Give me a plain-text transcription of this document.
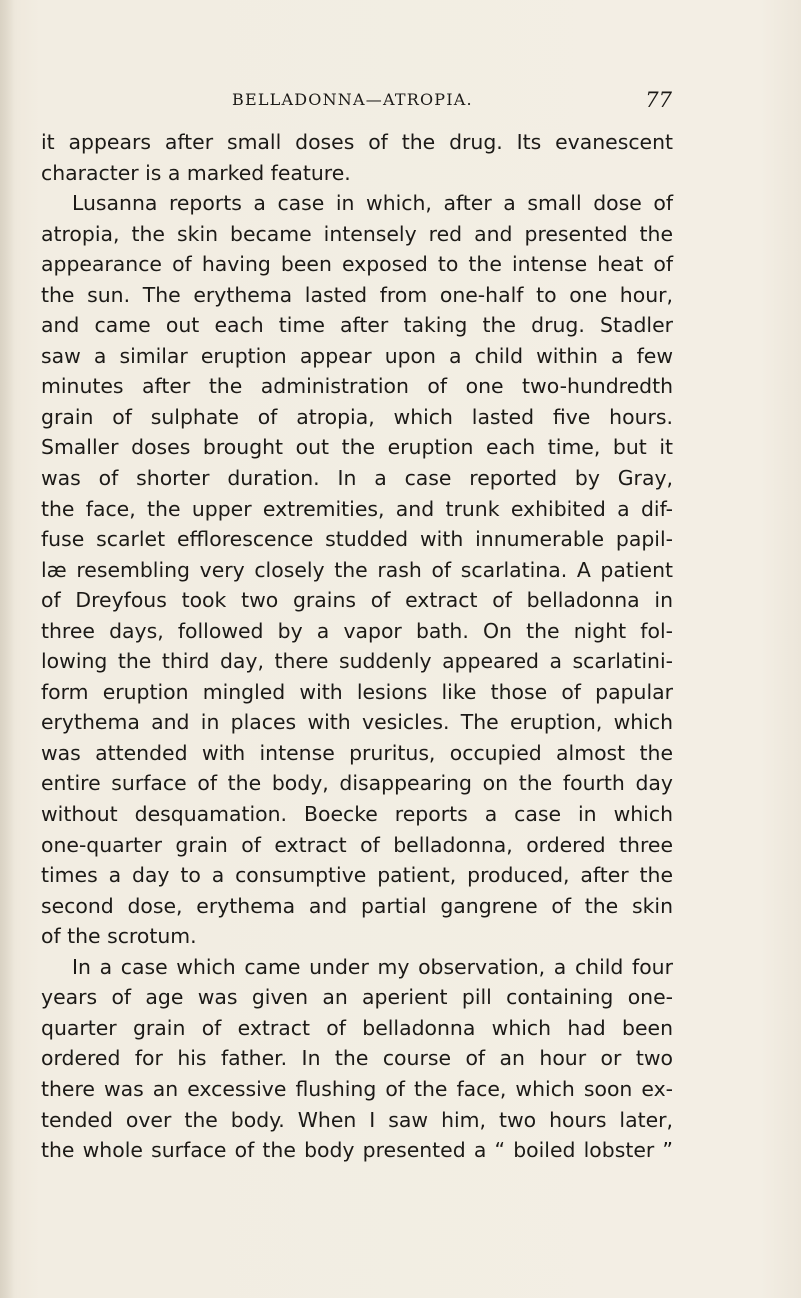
BELLADONNA—ATROPIA.	77
it appears after small doses of the drug. Its evanescent
character is a marked feature.
Lusanna reports a case in which, after a small dose of
atropia, the skin became intensely red and presented the
appearance of having been exposed to the intense heat of
the sun. The erythema lasted from one-half to one hour,
and came out each time after taking the drug. Stadler
saw a similar eruption appear upon a child within a few
minutes after the administration of one two-hundredth
grain of sulphate of atropia, which lasted five hours.
Smaller doses brought out the eruption each time, but it
was of shorter duration. In a case reported by Gray,
the face, the upper extremities, and trunk exhibited a dif-
fuse scarlet efflorescence studded with innumerable papil-
læ resembling very closely the rash of scarlatina. A patient
of Dreyfous took two grains of extract of belladonna in
three days, followed by a vapor bath. On the night fol-
lowing the third day, there suddenly appeared a scarlatini-
form eruption mingled with lesions like those of papular
erythema and in places with vesicles. The eruption, which
was attended with intense pruritus, occupied almost the
entire surface of the body, disappearing on the fourth day
without desquamation. Boecke reports a case in which
one-quarter grain of extract of belladonna, ordered three
times a day to a consumptive patient, produced, after the
second dose, erythema and partial gangrene of the skin
of the scrotum.
In a case which came under my observation, a child four
years of age was given an aperient pill containing one-
quarter grain of extract of belladonna which had been
ordered for his father. In the course of an hour or two
there was an excessive flushing of the face, which soon ex-
tended over the body. When I saw him, two hours later,
the whole surface of the body presented a “ boiled lobster ”
